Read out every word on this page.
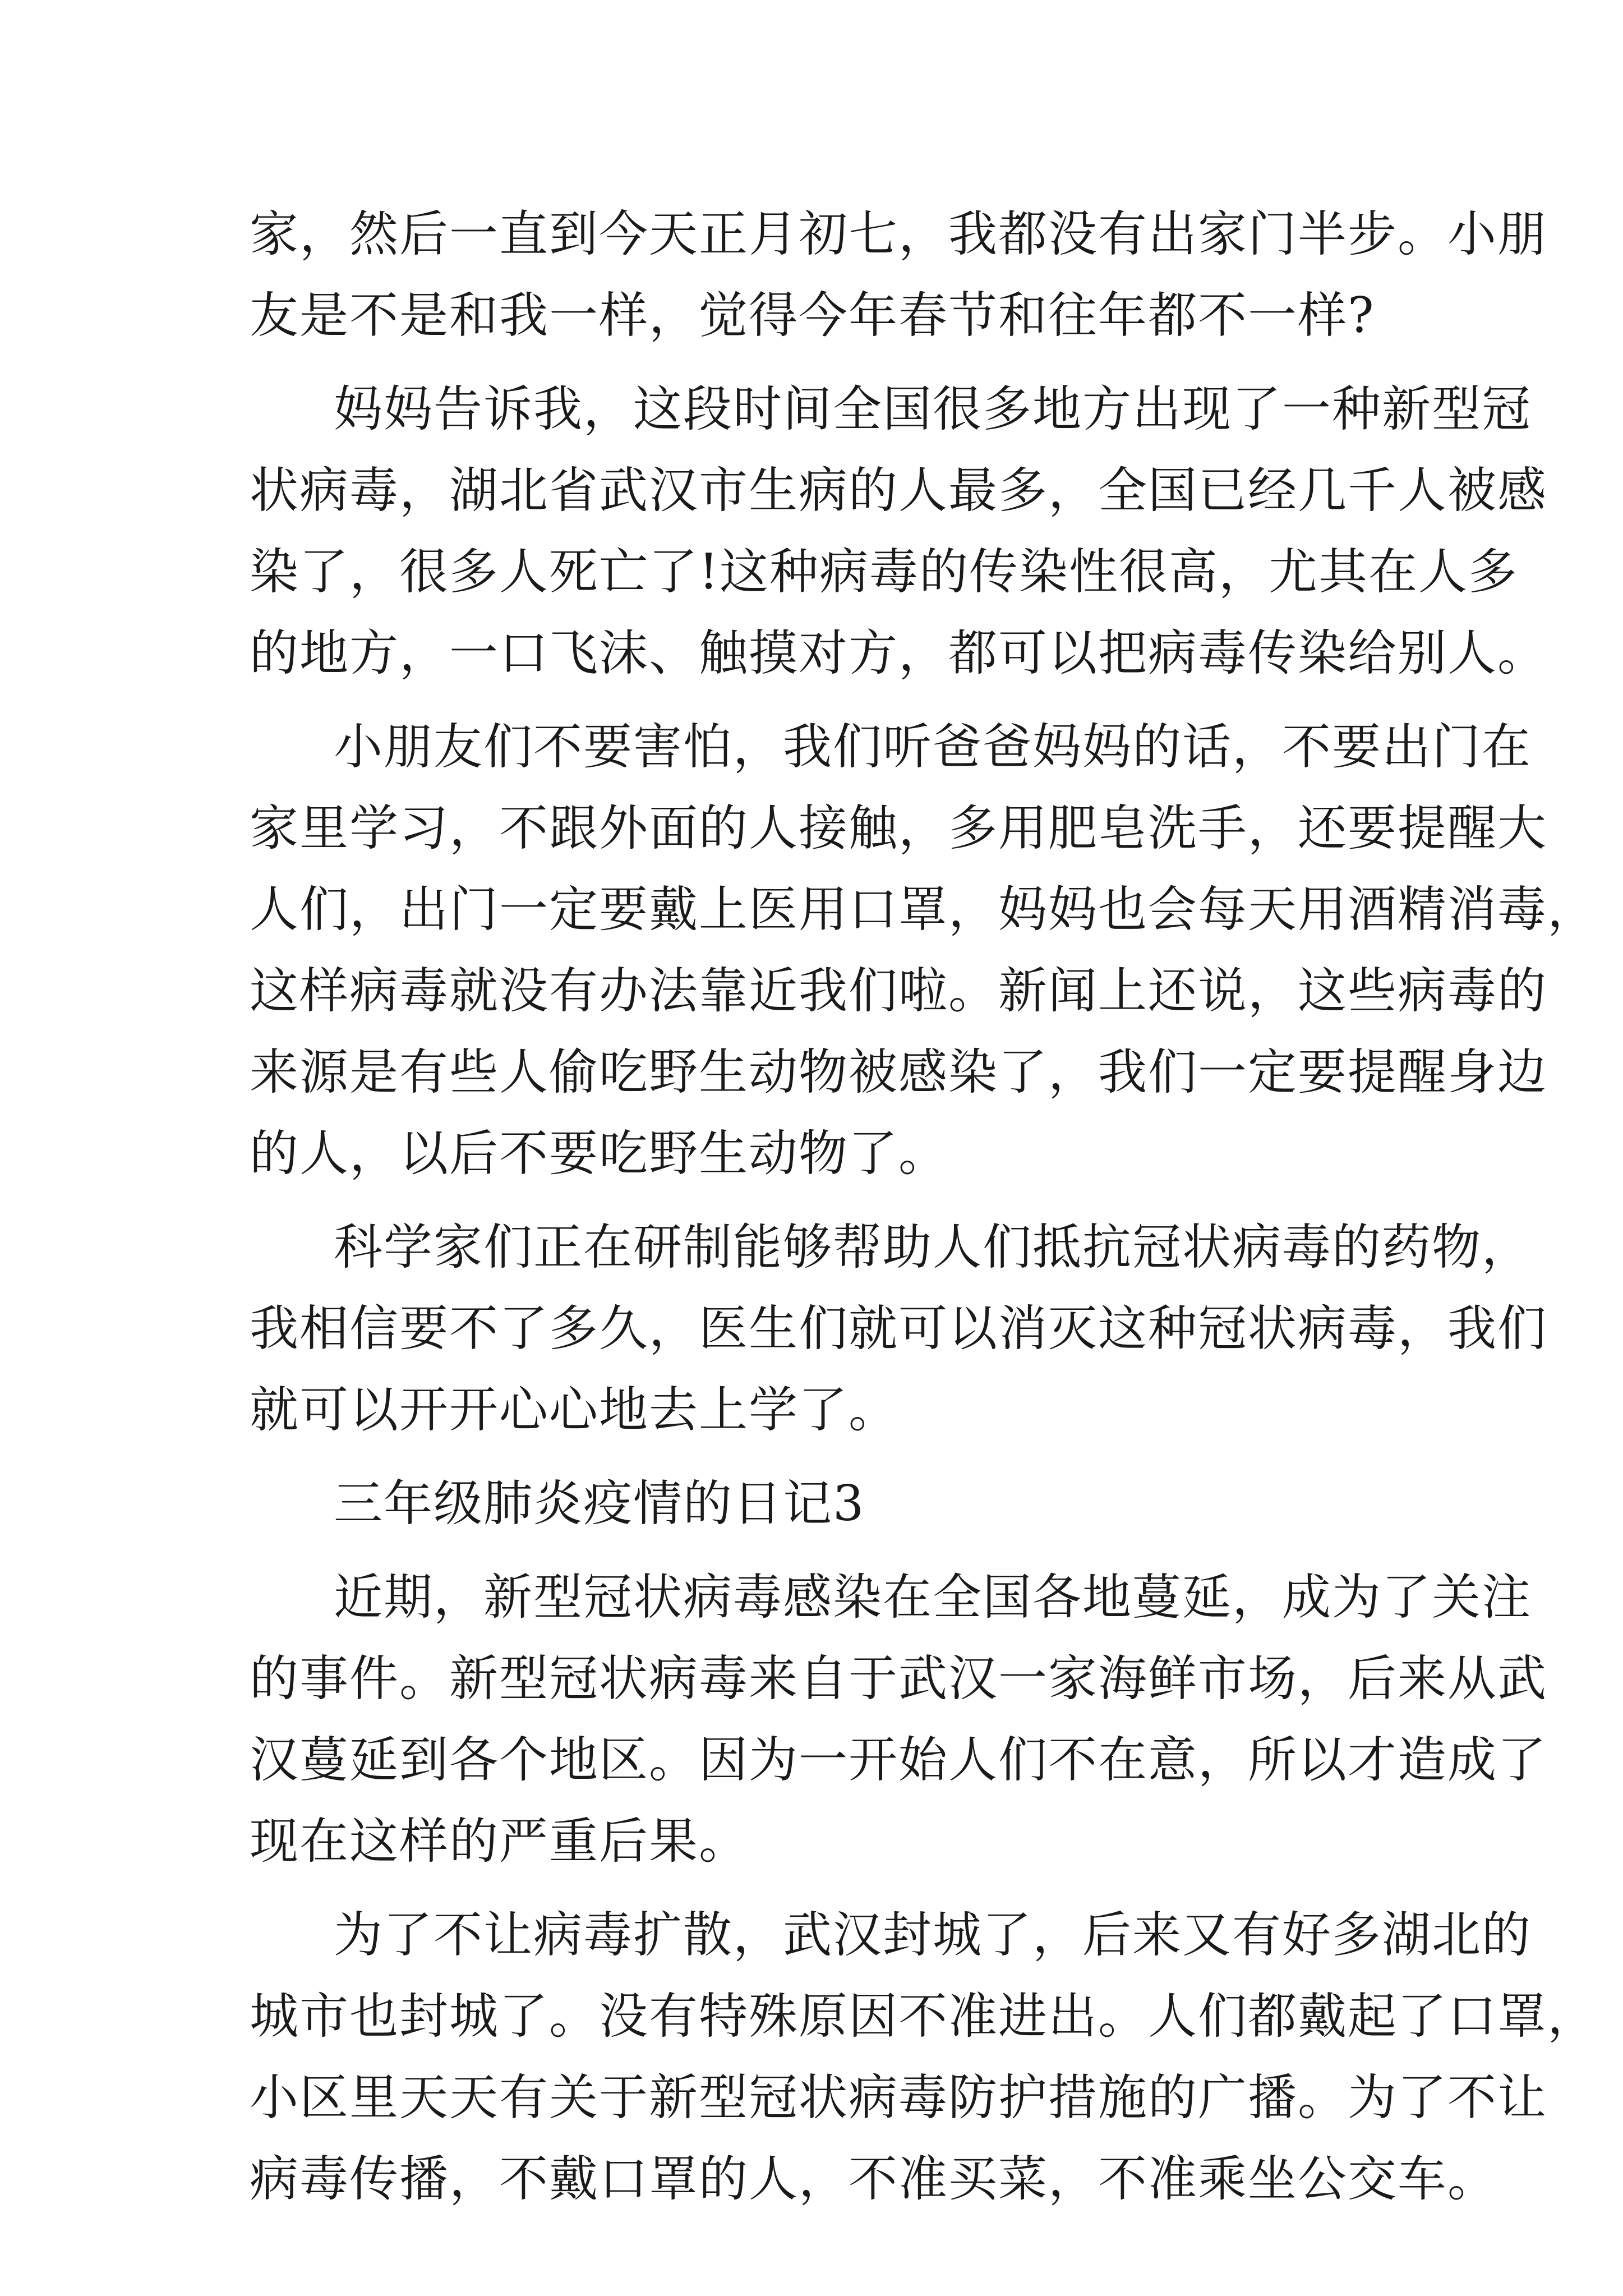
家，然后一直到今天正月初七，我都没有出家门半步。小朋
友是不是和我一样，觉得今年春节和往年都不一样?
妈妈告诉我，这段时间全国很多地方出现了一种新型冠
状病毒，湖北省武汉市生病的人最多，全国已经几千人被感
染了，很多人死亡了!这种病毒的传染性很高，尤其在人多
的地方，一口飞沫、触摸对方，都可以把病毒传染给别人。
小朋友们不要害怕，我们听爸爸妈妈的话，不要出门在
家里学习，不跟外面的人接触，多用肥皂洗手，还要提醒大
人们，出门一定要戴上医用口罩，妈妈也会每天用酒精消毒，
这样病毒就没有办法靠近我们啦。新闻上还说，这些病毒的
来源是有些人偷吃野生动物被感染了，我们一定要提醒身边
的人，以后不要吃野生动物了。
科学家们正在研制能够帮助人们抵抗冠状病毒的药物，
我相信要不了多久，医生们就可以消灭这种冠状病毒，我们
就可以开开心心地去上学了。
三年级肺炎疫情的日记3
近期，新型冠状病毒感染在全国各地蔓延，成为了关注
的事件。新型冠状病毒来自于武汉一家海鲜市场，后来从武
汉蔓延到各个地区。因为一开始人们不在意，所以才造成了
现在这样的严重后果。
为了不让病毒扩散，武汉封城了，后来又有好多湖北的
城市也封城了。没有特殊原因不准进出。人们都戴起了口罩，
小区里天天有关于新型冠状病毒防护措施的广播。为了不让
病毒传播，不戴口罩的人，不准买菜，不准乘坐公交车。
